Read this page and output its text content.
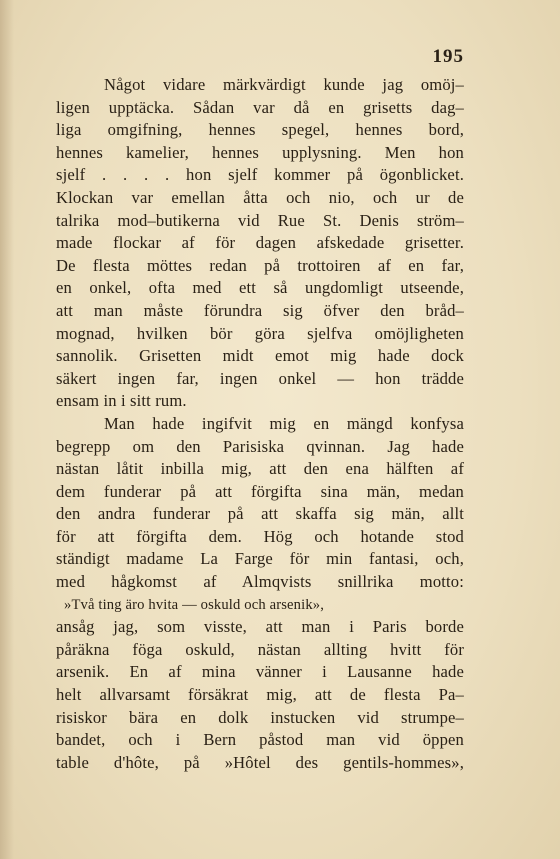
195
Något vidare märkvärdigt kunde jag omöj–
ligen upptäcka. Sådan var då en grisetts dag–
liga omgifning, hennes spegel, hennes bord,
hennes kamelier, hennes upplysning. Men hon
sjelf . . . . hon sjelf kommer på ögonblicket.
Klockan var emellan åtta och nio, och ur de
talrika mod–butikerna vid Rue St. Denis ström–
made flockar af för dagen afskedade grisetter.
De flesta möttes redan på trottoiren af en far,
en onkel, ofta med ett så ungdomligt utseende,
att man måste förundra sig öfver den bråd–
mognad, hvilken bör göra sjelfva omöjligheten
sannolik. Grisetten midt emot mig hade dock
säkert ingen far, ingen onkel — hon trädde
ensam in i sitt rum.
Man hade ingifvit mig en mängd konfysa
begrepp om den Parisiska qvinnan. Jag hade
nästan låtit inbilla mig, att den ena hälften af
dem funderar på att förgifta sina män, medan
den andra funderar på att skaffa sig män, allt
för att förgifta dem. Hög och hotande stod
ständigt madame La Farge för min fantasi, och,
med hågkomst af Almqvists snillrika motto:
»Två ting äro hvita — oskuld och arsenik»,
ansåg jag, som visste, att man i Paris borde
påräkna föga oskuld, nästan allting hvitt för
arsenik. En af mina vänner i Lausanne hade
helt allvarsamt försäkrat mig, att de flesta Pa–
risiskor bära en dolk instucken vid strumpe–
bandet, och i Bern påstod man vid öppen
table d'hôte, på »Hôtel des gentils-hommes»,
